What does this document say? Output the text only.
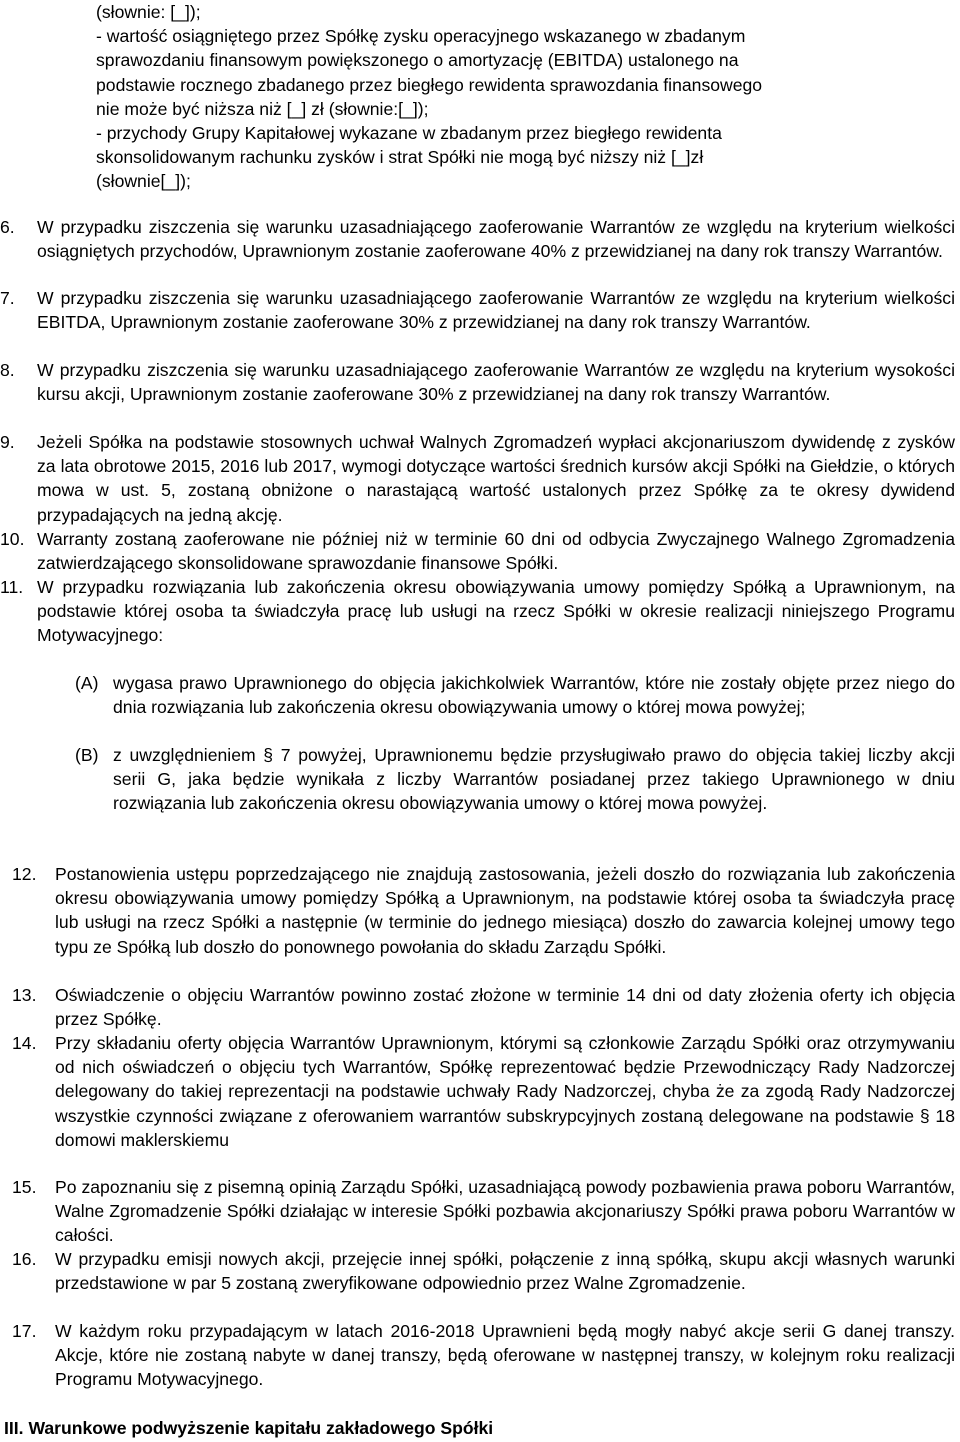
(słownie: [_]);

- wartość osiągniętego przez Spółkę zysku operacyjnego wskazanego w zbadanym

sprawozdaniu finansowym powiększonego o amortyzację (EBITDA) ustalonego na

podstawie rocznego zbadanego przez biegłego rewidenta sprawozdania finansowego

nie może być niższa niż [_] zł (słownie:[_]);

- przychody Grupy Kapitałowej wykazane w zbadanym przez biegłego rewidenta

skonsolidowanym rachunku zysków i strat Spółki nie mogą być niższy niż [_]zł

(słownie[_]);

6. W przypadku ziszczenia się warunku uzasadniającego zaoferowanie Warrantów ze względu na kryterium wielkości osiągniętych przychodów, Uprawnionym zostanie zaoferowane 40% z przewidzianej na dany rok transzy Warrantów.

7. W przypadku ziszczenia się warunku uzasadniającego zaoferowanie Warrantów ze względu na kryterium wielkości EBITDA, Uprawnionym zostanie zaoferowane 30% z przewidzianej na dany rok transzy Warrantów.

8. W przypadku ziszczenia się warunku uzasadniającego zaoferowanie Warrantów ze względu na kryterium wysokości kursu akcji, Uprawnionym zostanie zaoferowane 30% z przewidzianej na dany rok transzy Warrantów.

9. Jeżeli Spółka na podstawie stosownych uchwał Walnych Zgromadzeń wypłaci akcjonariuszom dywidendę z zysków za lata obrotowe 2015, 2016 lub 2017, wymogi dotyczące wartości średnich kursów akcji Spółki na Giełdzie, o których mowa w ust. 5, zostaną obniżone o narastającą wartość ustalonych przez Spółkę za te okresy dywidend przypadających na jedną akcję.

10. Warranty zostaną zaoferowane nie później niż w terminie 60 dni od odbycia Zwyczajnego Walnego Zgromadzenia zatwierdzającego skonsolidowane sprawozdanie finansowe Spółki.

11. W przypadku rozwiązania lub zakończenia okresu obowiązywania umowy pomiędzy Spółką a Uprawnionym, na podstawie której osoba ta świadczyła pracę lub usługi na rzecz Spółki w okresie realizacji niniejszego Programu Motywacyjnego:

(A) wygasa prawo Uprawnionego do objęcia jakichkolwiek Warrantów, które nie zostały objęte przez niego do dnia rozwiązania lub zakończenia okresu obowiązywania umowy o której mowa powyżej;

(B) z uwzględnieniem § 7 powyżej, Uprawnionemu będzie przysługiwało prawo do objęcia takiej liczby akcji serii G, jaka będzie wynikała z liczby Warrantów posiadanej przez takiego Uprawnionego w dniu rozwiązania lub zakończenia okresu obowiązywania umowy o której mowa powyżej.

12. Postanowienia ustępu poprzedzającego nie znajdują zastosowania, jeżeli doszło do rozwiązania lub zakończenia okresu obowiązywania umowy pomiędzy Spółką a Uprawnionym, na podstawie której osoba ta świadczyła pracę lub usługi na rzecz Spółki a następnie (w terminie do jednego miesiąca) doszło do zawarcia kolejnej umowy tego typu ze Spółką lub doszło do ponownego powołania do składu Zarządu Spółki.

13. Oświadczenie o objęciu Warrantów powinno zostać złożone w terminie 14 dni od daty złożenia oferty ich objęcia przez Spółkę.

14. Przy składaniu oferty objęcia Warrantów Uprawnionym, którymi są członkowie Zarządu Spółki oraz otrzymywaniu od nich oświadczeń o objęciu tych Warrantów, Spółkę reprezentować będzie Przewodniczący Rady Nadzorczej delegowany do takiej reprezentacji na podstawie uchwały Rady Nadzorczej, chyba że za zgodą Rady Nadzorczej wszystkie czynności związane z oferowaniem warrantów subskrypcyjnych zostaną delegowane na podstawie § 18 domowi maklerskiemu

15. Po zapoznaniu się z pisemną opinią Zarządu Spółki, uzasadniającą powody pozbawienia prawa poboru Warrantów, Walne Zgromadzenie Spółki działając w interesie Spółki pozbawia akcjonariuszy Spółki prawa poboru Warrantów w całości.

16. W przypadku emisji nowych akcji, przejęcie innej spółki, połączenie z inną spółką, skupu akcji własnych warunki przedstawione w par 5 zostaną zweryfikowane odpowiednio przez Walne Zgromadzenie.

17. W każdym roku przypadającym w latach 2016-2018 Uprawnieni będą mogły nabyć akcje serii G danej transzy. Akcje, które nie zostaną nabyte w danej transzy, będą oferowane w następnej transzy, w kolejnym roku realizacji Programu Motywacyjnego.

III. Warunkowe podwyższenie kapitału zakładowego Spółki
